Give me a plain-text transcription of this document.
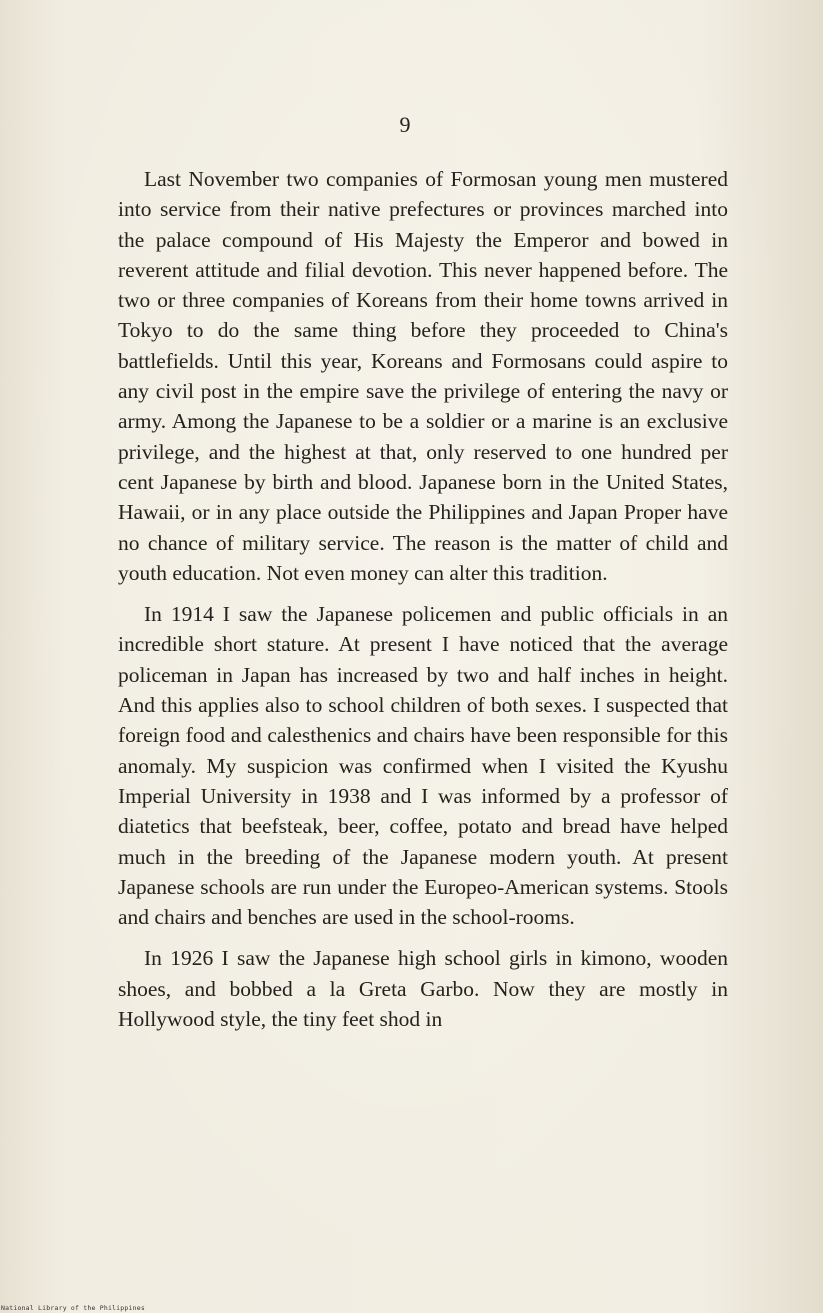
9

Last November two companies of Formosan young men mustered into service from their native prefectures or provinces marched into the palace compound of His Majesty the Emperor and bowed in reverent attitude and filial devotion. This never happened before. The two or three companies of Koreans from their home towns arrived in Tokyo to do the same thing before they proceeded to China's battlefields. Until this year, Koreans and Formosans could aspire to any civil post in the empire save the privilege of entering the navy or army. Among the Japanese to be a soldier or a marine is an exclusive privilege, and the highest at that, only reserved to one hundred per cent Japanese by birth and blood. Japanese born in the United States, Hawaii, or in any place outside the Philippines and Japan Proper have no chance of military service. The reason is the matter of child and youth education. Not even money can alter this tradition.

In 1914 I saw the Japanese policemen and public officials in an incredible short stature. At present I have noticed that the average policeman in Japan has increased by two and half inches in height. And this applies also to school children of both sexes. I suspected that foreign food and calesthenics and chairs have been responsible for this anomaly. My suspicion was confirmed when I visited the Kyushu Imperial University in 1938 and I was informed by a professor of diatetics that beefsteak, beer, coffee, potato and bread have helped much in the breeding of the Japanese modern youth. At present Japanese schools are run under the Europeo-American systems. Stools and chairs and benches are used in the school-rooms.

In 1926 I saw the Japanese high school girls in kimono, wooden shoes, and bobbed a la Greta Garbo. Now they are mostly in Hollywood style, the tiny feet shod in

National Library of the Philippines
